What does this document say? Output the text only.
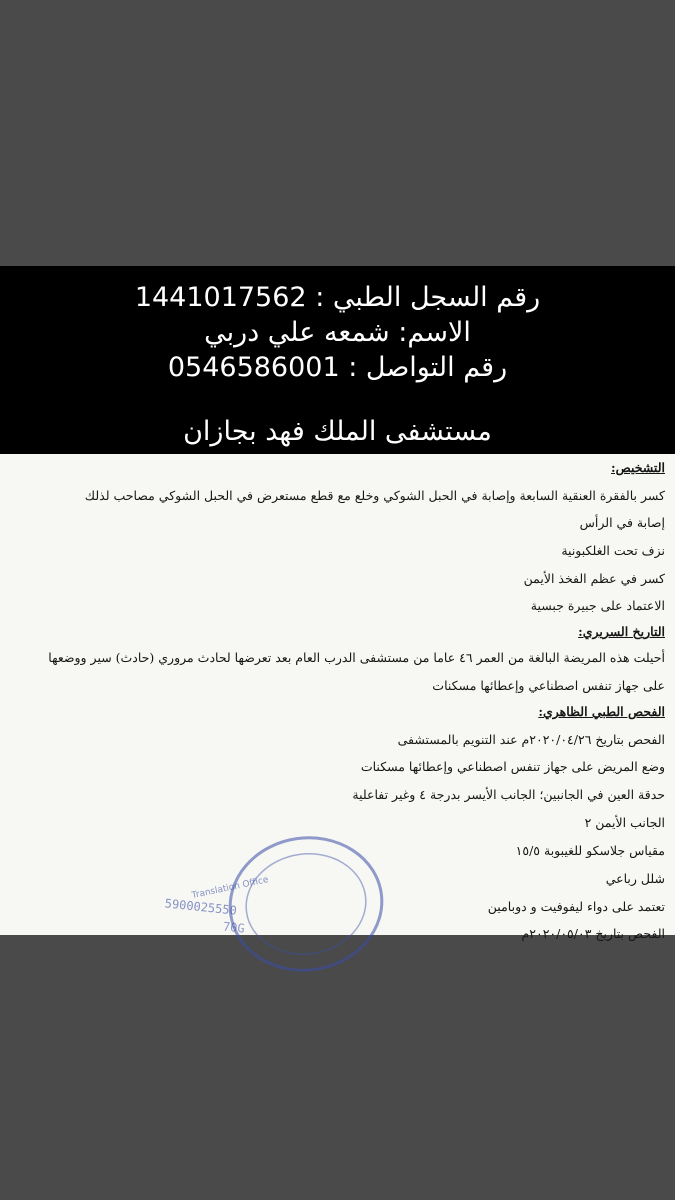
رقم السجل الطبي : 1441017562
الاسم: شمعه علي دربي
رقم التواصل : 0546586001
مستشفى الملك فهد بجازان
التشخيص:
كسر بالفقرة العنقية السابعة وإصابة في الحبل الشوكي وخلع مع قطع مستعرض في الحبل الشوكي مصاحب لذلك
إصابة في الرأس
نزف تحت الغلكبونية
كسر في عظم الفخذ الأيمن
الاعتماد على جبيرة جبسية
التاريخ السريري:
أحيلت هذه المريضة البالغة من العمر ٤٦ عاما من مستشفى الدرب العام بعد تعرضها لحادث مروري (حادث) سير ووضعها
على جهاز تنفس اصطناعي وإعطائها مسكنات
الفحص الطبي الظاهري:
الفحص بتاريخ ٢٠٢٠/٠٤/٢٦م عند التنويم بالمستشفى
وضع المريض على جهاز تنفس اصطناعي وإعطائها مسكنات
حدقة العين في الجانبين؛ الجانب الأيسر بدرجة ٤ وغير تفاعلية
الجانب الأيمن ٢
مقياس جلاسكو للغيبوبة ١٥/٥
شلل رباعي
تعتمد على دواء ليفوفيت و دوبامين
الفحص بتاريخ ٢٠٢٠/٠٥/٠٣م
Translation Office
5900025550
70G
